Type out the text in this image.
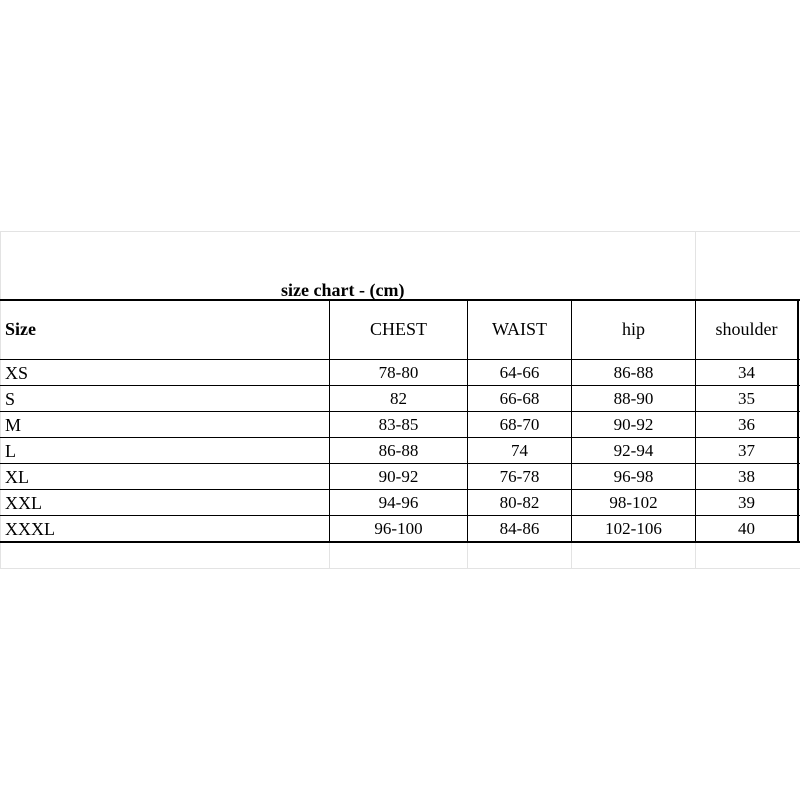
size chart - (cm)
Size	CHEST	WAIST	hip	shoulder
XS	78-80	64-66	86-88	34
S	82	66-68	88-90	35
M	83-85	68-70	90-92	36
L	86-88	74	92-94	37
XL	90-92	76-78	96-98	38
XXL	94-96	80-82	98-102	39
XXXL	96-100	84-86	102-106	40
